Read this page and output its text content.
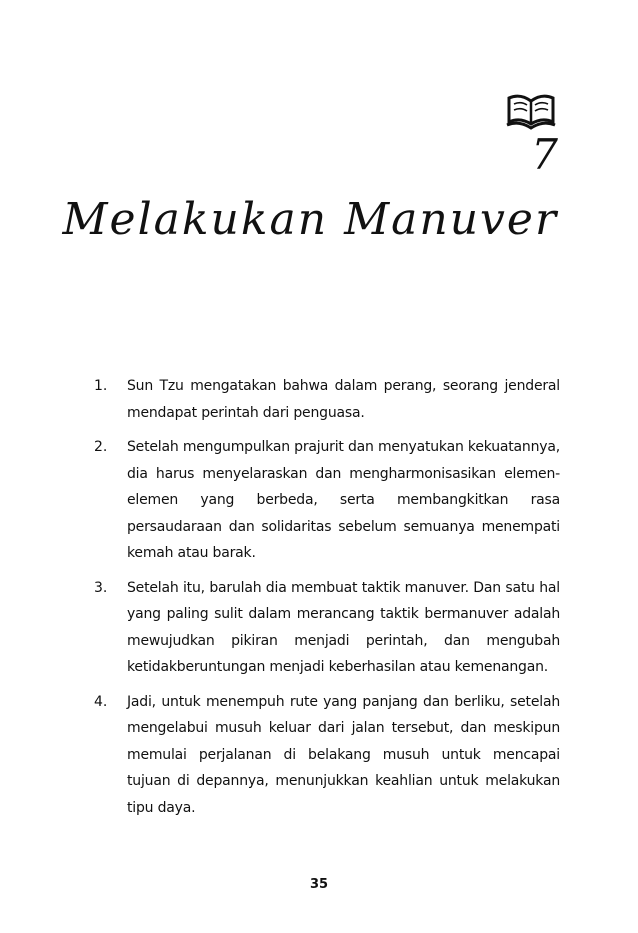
7
Melakukan Manuver
1.	Sun Tzu mengatakan bahwa dalam perang, seorang jenderal mendapat perintah dari penguasa.
2.	Setelah mengumpulkan prajurit dan menyatukan kekuatannya, dia harus menyelaraskan dan mengharmonisasikan elemen-elemen yang berbeda, serta membangkitkan rasa persaudaraan dan solidaritas sebelum semuanya menempati kemah atau barak.
3.	Setelah itu, barulah dia membuat taktik manuver. Dan satu hal yang paling sulit dalam merancang taktik bermanuver adalah mewujudkan pikiran menjadi perintah, dan mengubah ketidakberuntungan menjadi keberhasilan atau kemenangan.
4.	Jadi, untuk menempuh rute yang panjang dan berliku, setelah mengelabui musuh keluar dari jalan tersebut, dan meskipun memulai perjalanan di belakang musuh untuk mencapai tujuan di depannya, menunjukkan keahlian untuk melakukan tipu daya.
35
